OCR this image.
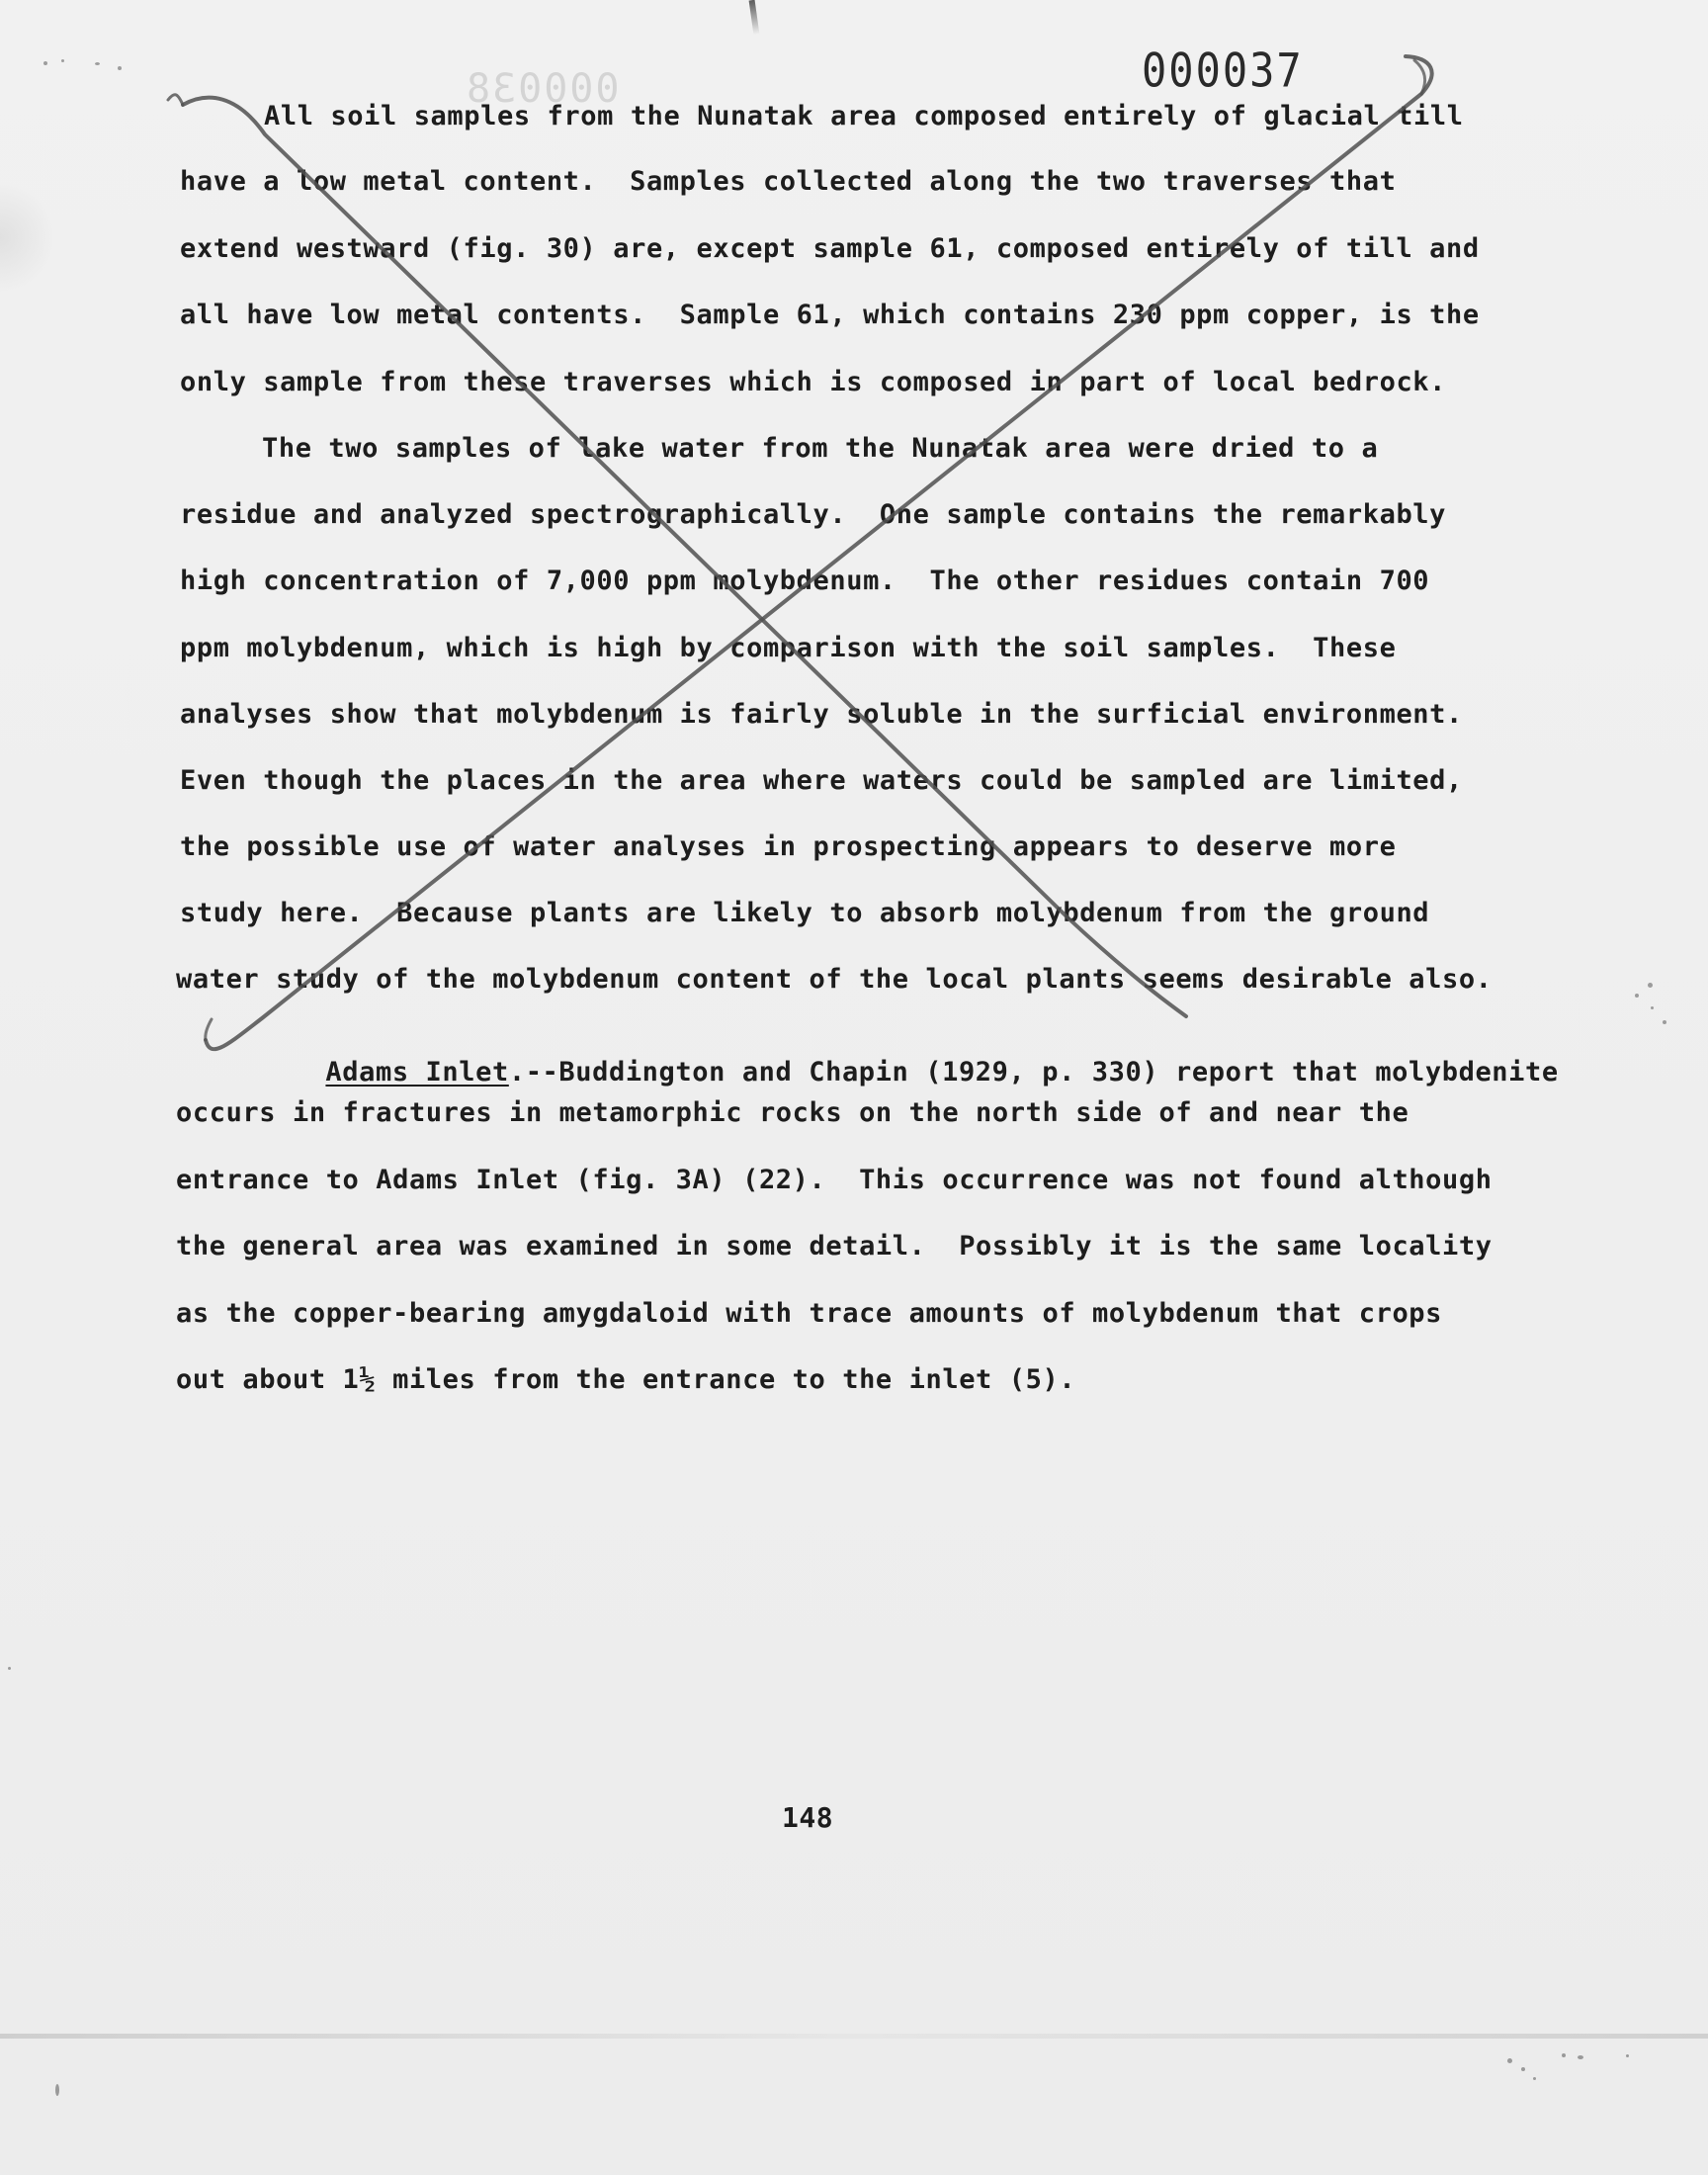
000038	000037
All soil samples from the Nunatak area composed entirely of glacial till
have a low metal content.  Samples collected along the two traverses that
extend westward (fig. 30) are, except sample 61, composed entirely of till and
all have low metal contents.  Sample 61, which contains 230 ppm copper, is the
only sample from these traverses which is composed in part of local bedrock.
The two samples of lake water from the Nunatak area were dried to a
residue and analyzed spectrographically.  One sample contains the remarkably
high concentration of 7,000 ppm molybdenum.  The other residues contain 700
ppm molybdenum, which is high by comparison with the soil samples.  These
analyses show that molybdenum is fairly soluble in the surficial environment.
Even though the places in the area where waters could be sampled are limited,
the possible use of water analyses in prospecting appears to deserve more
study here.  Because plants are likely to absorb molybdenum from the ground
water study of the molybdenum content of the local plants seems desirable also.

Adams Inlet.--Buddington and Chapin (1929, p. 330) report that molybdenite

occurs in fractures in metamorphic rocks on the north side of and near the
entrance to Adams Inlet (fig. 3A) (22).  This occurrence was not found although
the general area was examined in some detail.  Possibly it is the same locality
as the copper-bearing amygdaloid with trace amounts of molybdenum that crops
out about 1½ miles from the entrance to the inlet (5).
148
